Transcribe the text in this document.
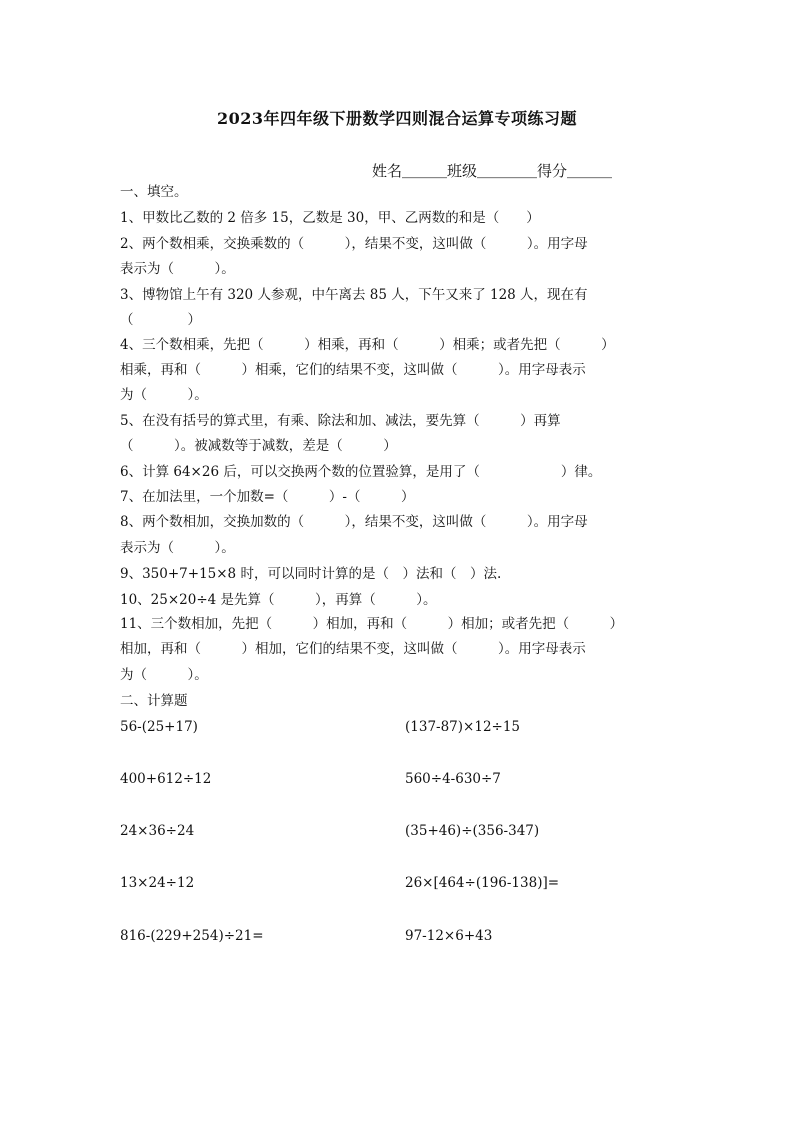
2023年四年级下册数学四则混合运算专项练习题
姓名＿＿＿班级＿＿＿＿得分＿＿＿
一、填空。
1、甲数比乙数的 2 倍多 15，乙数是 30，甲、乙两数的和是（　　）
2、两个数相乘，交换乘数的（　　　），结果不变，这叫做（　　　）。用字母
表示为（　　　）。
3、博物馆上午有 320 人参观，中午离去 85 人，下午又来了 128 人，现在有
（　　　　）
4、三个数相乘，先把（　　　）相乘，再和（　　　）相乘；或者先把（　　　）
相乘，再和（　　　）相乘，它们的结果不变，这叫做（　　　）。用字母表示
为（　　　）。
5、在没有括号的算式里，有乘、除法和加、减法，要先算（　　　）再算
（　　　）。被减数等于减数，差是（　　　）
6、计算 64×26 后，可以交换两个数的位置验算，是用了（　　　　　　）律。
7、在加法里，一个加数=（　　　）-（　　　）
8、两个数相加，交换加数的（　　　），结果不变，这叫做（　　　）。用字母
表示为（　　　）。
9、350+7+15×8 时，可以同时计算的是（　）法和（　）法.
10、25×20÷4 是先算（　　　），再算（　　　）。
11、三个数相加，先把（　　　）相加，再和（　　　）相加；或者先把（　　　）
相加，再和（　　　）相加，它们的结果不变，这叫做（　　　）。用字母表示
为（　　　）。
二、计算题
56-(25+17)	(137-87)×12÷15
400+612÷12	560÷4-630÷7
24×36÷24	(35+46)÷(356-347)
13×24÷12	26×[464÷(196-138)]=
816-(229+254)÷21=	97-12×6+43
